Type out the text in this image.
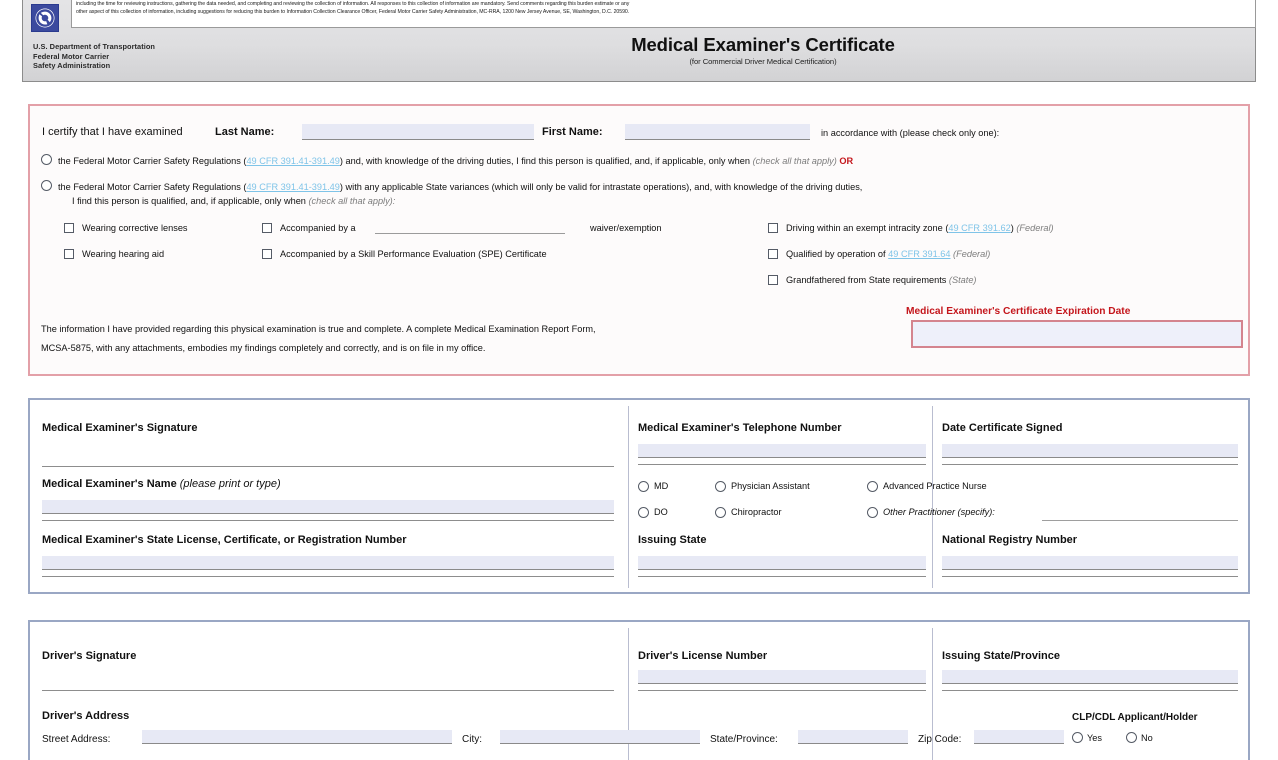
including the time for reviewing instructions, gathering the data needed, and completing and reviewing the collection of information. All responses to this collection of information are mandatory. Send comments regarding this burden estimate or any
other aspect of this collection of information, including suggestions for reducing this burden to Information Collection Clearance Officer, Federal Motor Carrier Safety Administration, MC-RRA, 1200 New Jersey Avenue, SE, Washington, D.C. 20590.
U.S. Department of Transportation
Federal Motor Carrier
Safety Administration
Medical Examiner's Certificate
(for Commercial Driver Medical Certification)
I certify that I have examined	Last Name:	First Name:	in accordance with (please check only one):
the Federal Motor Carrier Safety Regulations (49 CFR 391.41-391.49) and, with knowledge of the driving duties, I find this person is qualified, and, if applicable, only when (check all that apply) OR
the Federal Motor Carrier Safety Regulations (49 CFR 391.41-391.49) with any applicable State variances (which will only be valid for intrastate operations), and, with knowledge of the driving duties,
I find this person is qualified, and, if applicable, only when (check all that apply):
Wearing corrective lenses
Wearing hearing aid
Accompanied by a	waiver/exemption
Accompanied by a Skill Performance Evaluation (SPE) Certificate
Driving within an exempt intracity zone (49 CFR 391.62) (Federal)
Qualified by operation of 49 CFR 391.64 (Federal)
Grandfathered from State requirements (State)
The information I have provided regarding this physical examination is true and complete. A complete Medical Examination Report Form,
MCSA-5875, with any attachments, embodies my findings completely and correctly, and is on file in my office.
Medical Examiner's Certificate Expiration Date
Medical Examiner's Signature
Medical Examiner's Name (please print or type)
Medical Examiner's State License, Certificate, or Registration Number
Medical Examiner's Telephone Number	Date Certificate Signed
MD	Physician Assistant	Advanced Practice Nurse
DO	Chiropractor	Other Practitioner (specify):
Issuing State	National Registry Number
Driver's Signature	Driver's License Number	Issuing State/Province
Driver's Address
Street Address:	City:	State/Province:	Zip Code:
CLP/CDL Applicant/Holder
Yes	No
